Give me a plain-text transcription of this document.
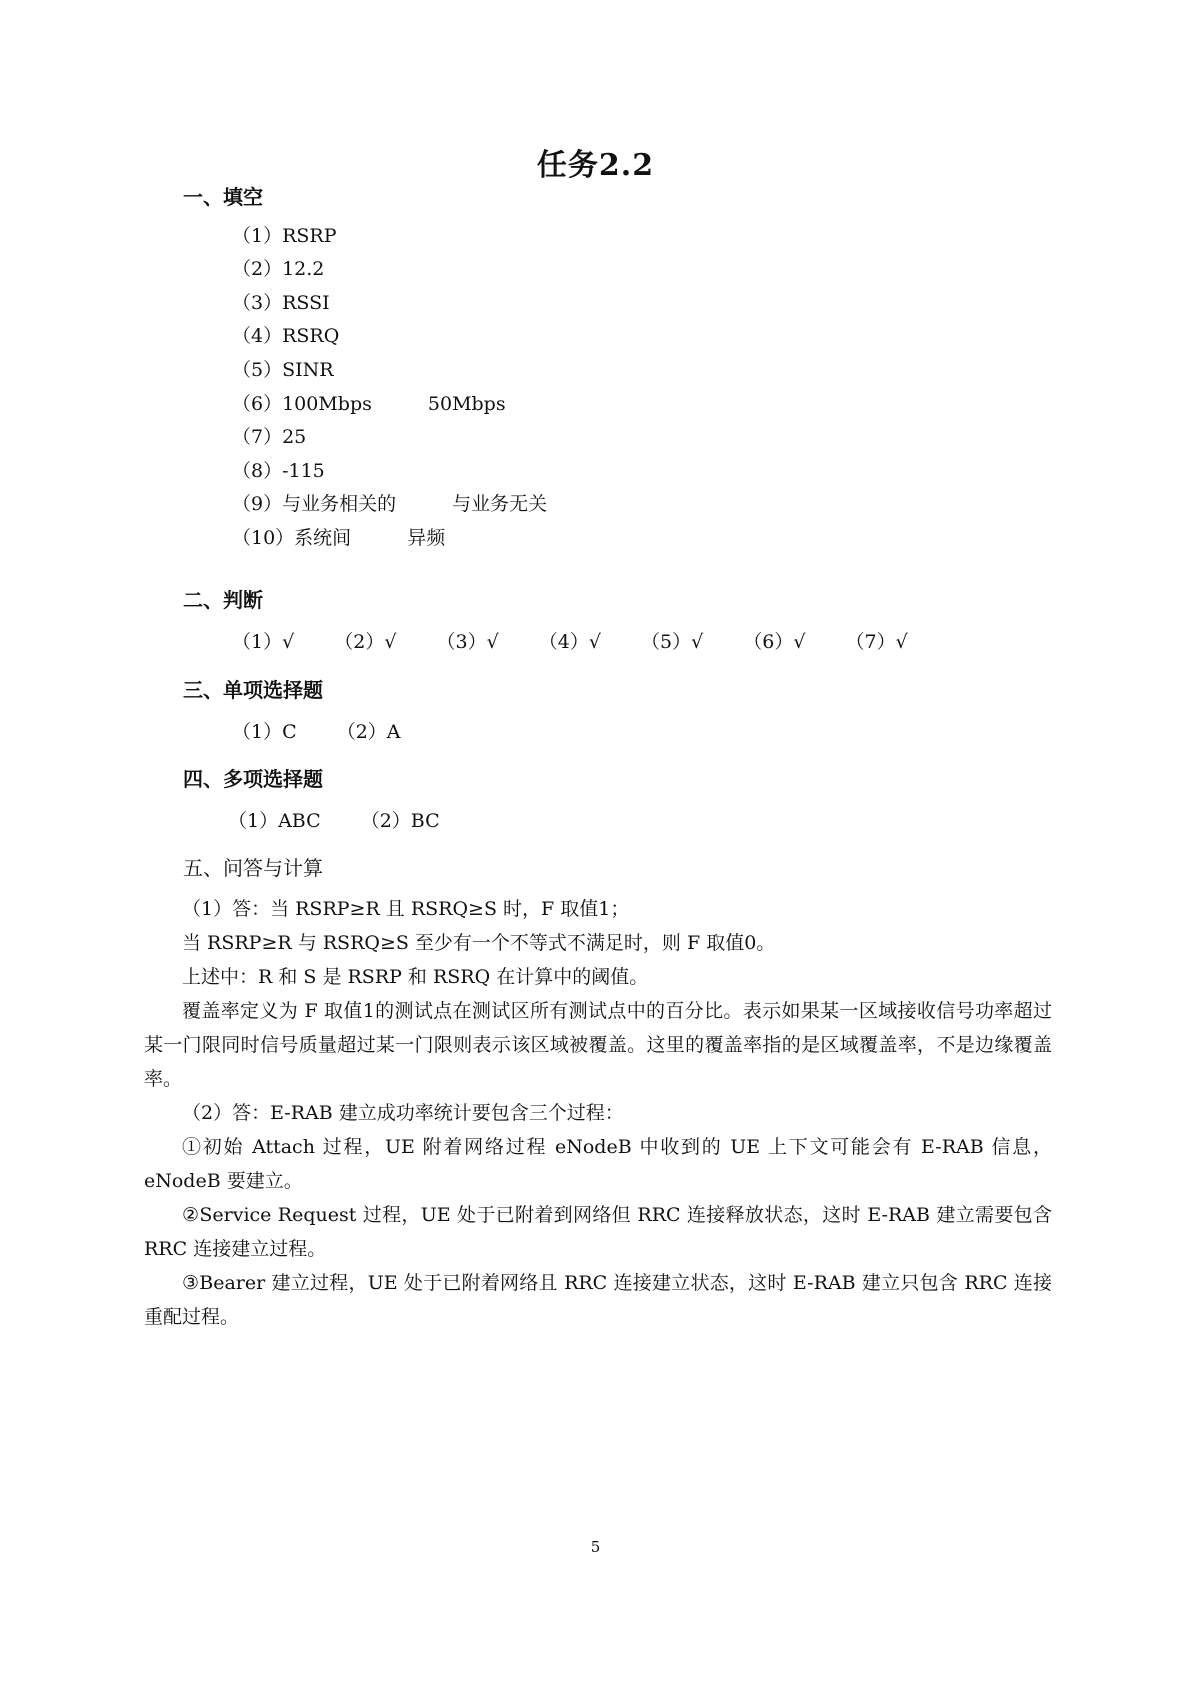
任务2.2
一、填空
（1）RSRP
（2）12.2
（3）RSSI
（4）RSRQ
（5）SINR
（6）100Mbps	50Mbps
（7）25
（8）-115
（9）与业务相关的	与业务无关
（10）系统间	异频
二、判断
（1）√ （2）√ （3）√ （4）√ （5）√ （6）√ （7）√
三、单项选择题
（1）C （2）A
四、多项选择题
（1）ABC （2）BC
五、问答与计算
（1）答：当 RSRP≥R 且 RSRQ≥S 时，F 取值1；
当 RSRP≥R 与 RSRQ≥S 至少有一个不等式不满足时，则 F 取值0。
上述中：R 和 S 是 RSRP 和 RSRQ 在计算中的阈值。
覆盖率定义为 F 取值1的测试点在测试区所有测试点中的百分比。表示如果某一区域接收信号功率超过某一门限同时信号质量超过某一门限则表示该区域被覆盖。这里的覆盖率指的是区域覆盖率，不是边缘覆盖率。
（2）答：E-RAB 建立成功率统计要包含三个过程：
①初始 Attach 过程，UE 附着网络过程 eNodeB 中收到的 UE 上下文可能会有 E-RAB 信息，eNodeB 要建立。
②Service Request 过程，UE 处于已附着到网络但 RRC 连接释放状态，这时 E-RAB 建立需要包含 RRC 连接建立过程。
③Bearer 建立过程，UE 处于已附着网络且 RRC 连接建立状态，这时 E-RAB 建立只包含 RRC 连接重配过程。
5
